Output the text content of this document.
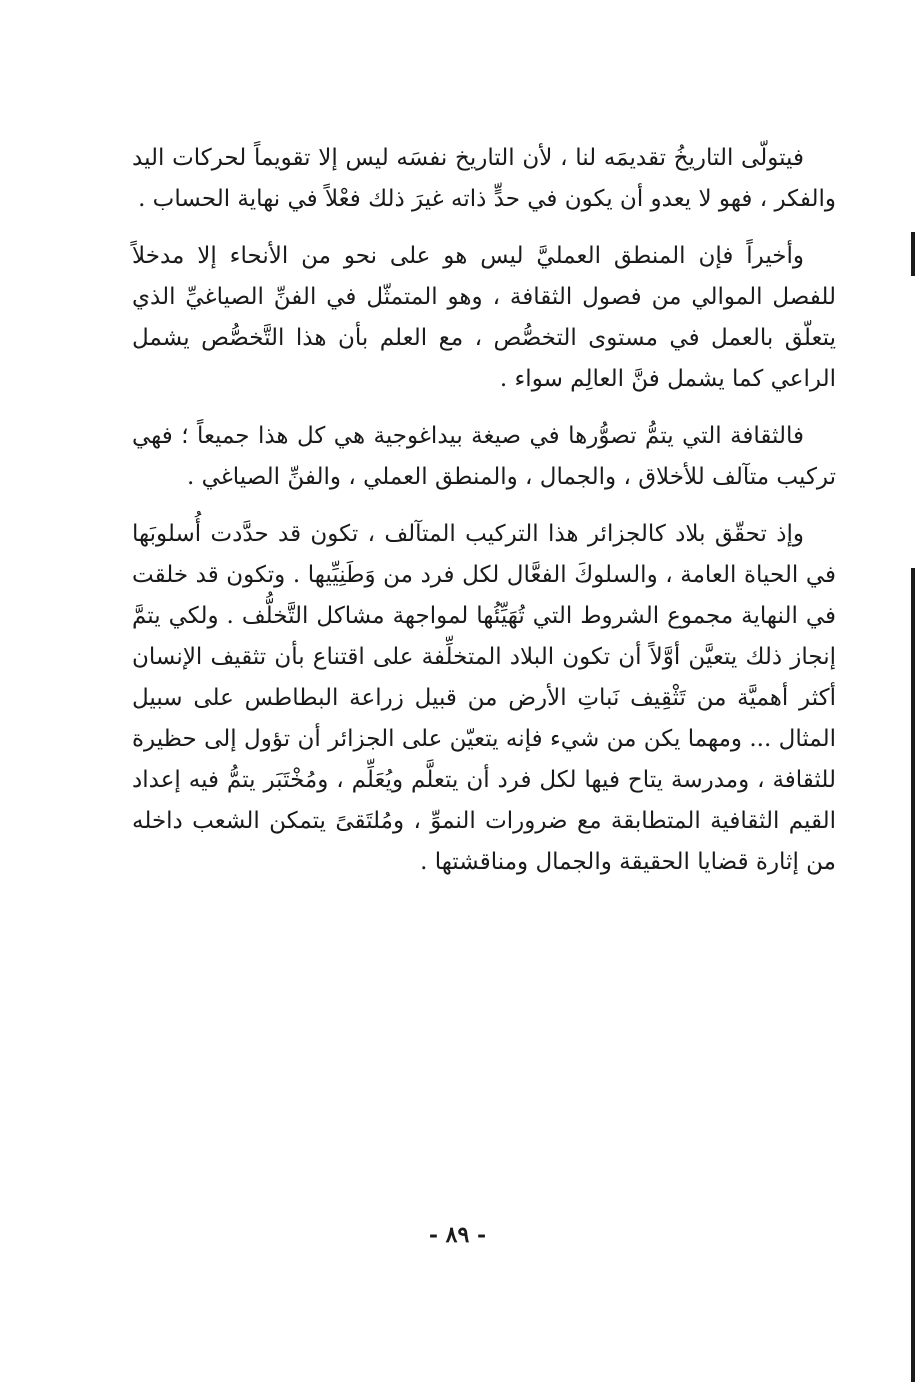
فيتولّى التاريخُ تقديمَه لنا ، لأن التاريخ نفسَه ليس إلا تقويماً لحركات اليد والفكر ، فهو لا يعدو أن يكون في حدٍّ ذاته غيرَ ذلك فعْلاً في نهاية الحساب .

وأخيراً فإن المنطق العمليَّ ليس هو على نحو من الأنحاء إلا مدخلاً للفصل الموالي من فصول الثقافة ، وهو المتمثّل في الفنِّ الصياغيِّ الذي يتعلّق بالعمل في مستوى التخصُّص ، مع العلم بأن هذا التَّخصُّص يشمل الراعي كما يشمل فنَّ العالِم سواء .

فالثقافة التي يتمُّ تصوُّرها في صيغة بيداغوجية هي كل هذا جميعاً ؛ فهي تركيب متآلف للأخلاق ، والجمال ، والمنطق العملي ، والفنِّ الصياغي .

وإذ تحقّق بلاد كالجزائر هذا التركيب المتآلف ، تكون قد حدَّدت أُسلوبَها في الحياة العامة ، والسلوكَ الفعَّال لكل فرد من وَطَنِيِّيها . وتكون قد خلقت في النهاية مجموع الشروط التي تُهَيِّئُها لمواجهة مشاكل التَّخلُّف . ولكي يتمَّ إنجاز ذلك يتعيَّن أوَّلاً أن تكون البلاد المتخلِّفة على اقتناع بأن تثقيف الإنسان أكثر أهميَّة من تَثْقِيف نَباتِ الأرض من قبيل زراعة البطاطس على سبيل المثال ... ومهما يكن من شيء فإنه يتعيّن على الجزائر أن تؤول إلى حظيرة للثقافة ، ومدرسة يتاح فيها لكل فرد أن يتعلَّم ويُعَلِّم ، ومُخْتَبَر يتمُّ فيه إعداد القيم الثقافية المتطابقة مع ضرورات النموِّ ، ومُلتَقىً يتمكن الشعب داخله من إثارة قضايا الحقيقة والجمال ومناقشتها .

- ٨٩ -
